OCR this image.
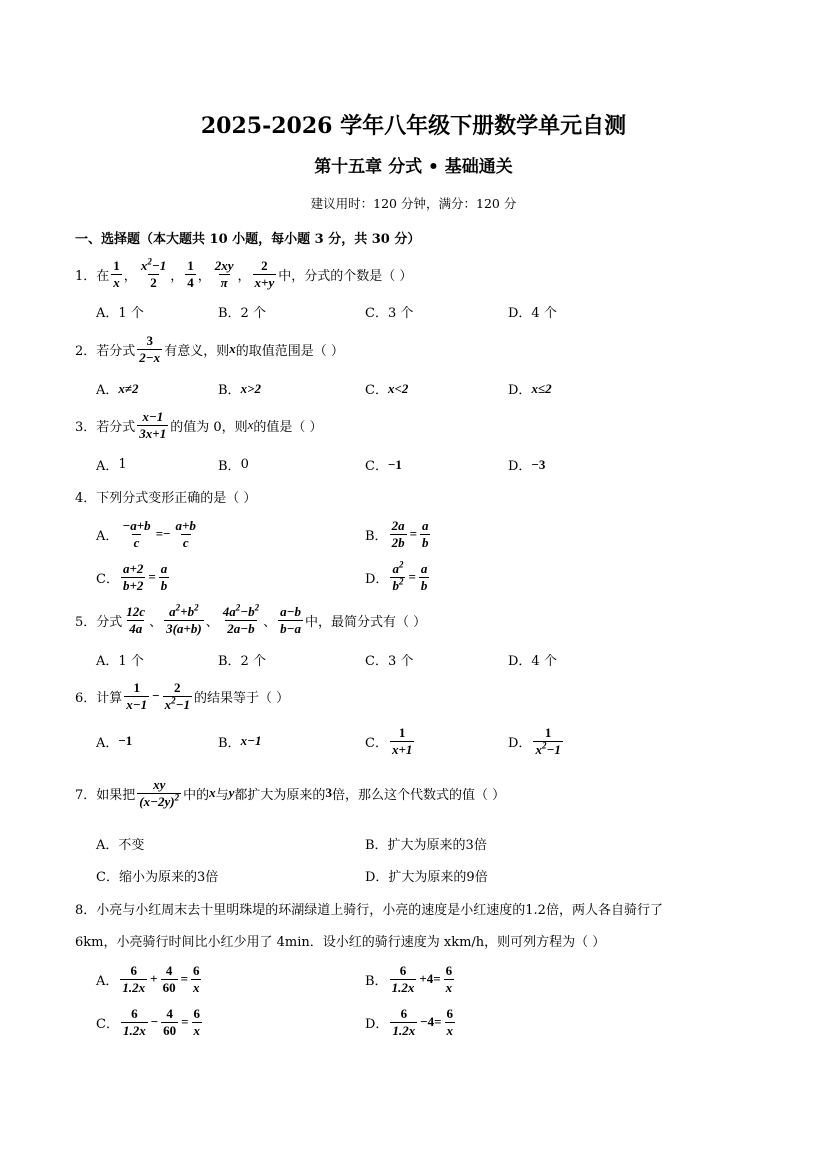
2025-2026 学年八年级下册数学单元自测
第十五章 分式 • 基础通关
建议用时：120 分钟，满分：120 分
一、选择题（本大题共 10 小题，每小题 3 分，共 30 分）
1． 在 $\frac{1}{x}$ ， $\frac{x^2-1}{2}$ ， $\frac{1}{4}$ ， $\frac{2xy}{\pi}$ ， $\frac{2}{x+y}$ 中，分式的个数是（ ）
A．1 个	B．2 个	C．3 个	D．4 个
2． 若分式 $\frac{3}{2-x}$ 有意义，则 x 的取值范围是（ ）
A． x≠2	B． x>2	C． x<2	D． x≤2
3． 若分式 $\frac{x-1}{3x+1}$ 的值为 0，则 x 的值是（ ）
A． 1	B． 0	C． −1	D． −3
4． 下列分式变形正确的是（ ）
A． $\frac{-a+b}{c} =- \frac{a+b}{c}$	B． $\frac{2a}{2b} = \frac{a}{b}$
C． $\frac{a+2}{b+2} = \frac{a}{b}$	D． $\frac{a^2}{b^2} = \frac{a}{b}$
5． 分式 $\frac{12c}{4a}$ 、 $\frac{a^2+b^2}{3(a+b)}$ 、 $\frac{4a^2-b^2}{2a-b}$ 、 $\frac{a-b}{b-a}$ 中，最简分式有（ ）
A．1 个	B．2 个	C．3 个	D．4 个
6． 计算 $\frac{1}{x-1} - \frac{2}{x^2-1}$ 的结果等于（ ）
A． −1	B． x−1	C． $\frac{1}{x+1}$	D． $\frac{1}{x^2-1}$
7． 如果把 $\frac{xy}{(x-2y)^2}$ 中的 x 与 y 都扩大为原来的 3 倍，那么这个代数式的值（ ）
A．不变	B．扩大为原来的3倍
C．缩小为原来的3倍	D．扩大为原来的9倍
8． 小亮与小红周末去十里明珠堤的环湖绿道上骑行，小亮的速度是小红速度的1.2倍，两人各自骑行了
6km，小亮骑行时间比小红少用了 4min．设小红的骑行速度为 xkm/h，则可列方程为（ ）
A． $\frac{6}{1.2x} + \frac{4}{60} = \frac{6}{x}$	B． $\frac{6}{1.2x} +4= \frac{6}{x}$
C． $\frac{6}{1.2x} - \frac{4}{60} = \frac{6}{x}$	D． $\frac{6}{1.2x} -4= \frac{6}{x}$
